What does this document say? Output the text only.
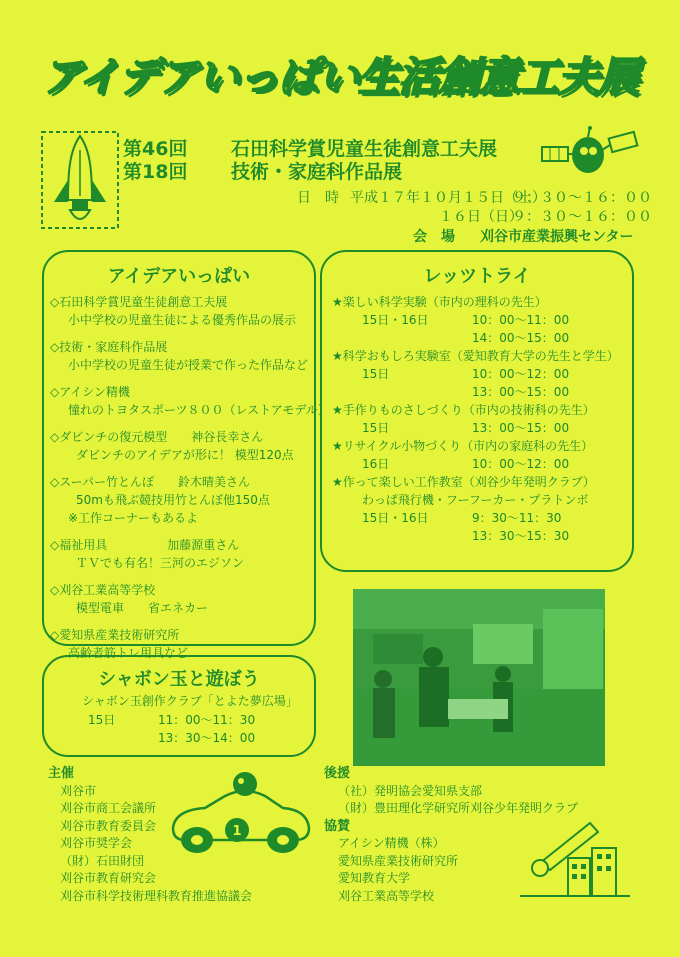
アイデアいっぱい生活創意工夫展
第46回 石田科学賞児童生徒創意工夫展
第18回 技術・家庭科作品展
日　時 平成１７年１０月１５日（土）
９：３０～１６：００
１６日（日）
９：３０～１６：００
会　場 刈谷市産業振興センター
アイデアいっぱい
◇石田科学賞児童生徒創意工夫展
小中学校の児童生徒による優秀作品の展示
◇技術・家庭科作品展
小中学校の児童生徒が授業で作った作品など
◇アイシン精機
憧れのトヨタスポーツ８００（レストアモデル）
◇ダビンチの復元模型　　神谷長幸さん
ダビンチのアイデアが形に！ 模型120点
◇スーパー竹とんぼ　　鈴木晴美さん
50mも飛ぶ競技用竹とんぼ他150点
※工作コーナーもあるよ
◇福祉用具　　　　　加藤源重さん
ＴＶでも有名！三河のエジソン
◇刈谷工業高等学校
模型電車　　省エネカー
◇愛知県産業技術研究所
高齢者筋トレ用具など
レッツトライ
★楽しい科学実験（市内の理科の先生）
15日・16日	10：00～11：00
14：00～15：00
★科学おもしろ実験室（愛知教育大学の先生と学生）
15日	10：00～12：00
13：00～15：00
★手作りものさしづくり（市内の技術科の先生）
15日	13：00～15：00
★リサイクル小物づくり（市内の家庭科の先生）
16日	10：00～12：00
★作って楽しい工作教室（刈谷少年発明クラブ）
わっぱ飛行機・フーフーカー・プラトンボ
15日・16日	9：30～11：30
13：30～15：30
シャボン玉と遊ぼう
シャボン玉創作クラブ「とよた夢広場」
15日	11：00～11：30
13：30～14：00
主催
刈谷市
刈谷市商工会議所
刈谷市教育委員会
刈谷市奨学会
（財）石田財団
刈谷市教育研究会
刈谷市科学技術理科教育推進協議会
1
後援
（社）発明協会愛知県支部
（財）豊田理化学研究所刈谷少年発明クラブ
協賛
アイシン精機（株）
愛知県産業技術研究所
愛知教育大学
刈谷工業高等学校
